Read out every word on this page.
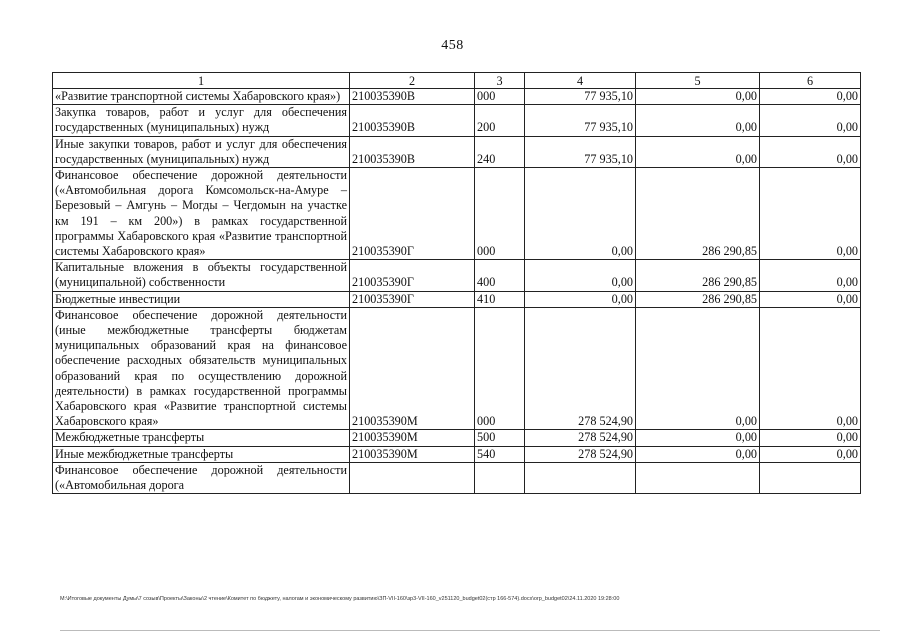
458
1	2	3	4	5	6
«Развитие транспортной системы Хабаровского края»)	210035390В	000	77 935,10	0,00	0,00
Закупка товаров, работ и услуг для обеспечения государственных (муниципальных) нужд	210035390В	200	77 935,10	0,00	0,00
Иные закупки товаров, работ и услуг для обеспечения государственных (муниципальных) нужд	210035390В	240	77 935,10	0,00	0,00
Финансовое обеспечение дорожной деятельности («Автомобильная дорога Комсомольск-на-Амуре – Березовый – Амгунь – Могды – Чегдомын на участке км 191 – км 200») в рамках государственной программы Хабаровского края «Развитие транспортной системы Хабаровского края»	210035390Г	000	0,00	286 290,85	0,00
Капитальные вложения в объекты государственной (муниципальной) собственности	210035390Г	400	0,00	286 290,85	0,00
Бюджетные инвестиции	210035390Г	410	0,00	286 290,85	0,00
Финансовое обеспечение дорожной деятельности (иные межбюджетные трансферты бюджетам муниципальных образований края на финансовое обеспечение расходных обязательств муниципальных образований края по осуществлению дорожной деятельности) в рамках государственной программы Хабаровского края «Развитие транспортной системы Хабаровского края»	210035390М	000	278 524,90	0,00	0,00
Межбюджетные трансферты	210035390М	500	278 524,90	0,00	0,00
Иные межбюджетные трансферты	210035390М	540	278 524,90	0,00	0,00
Финансовое обеспечение дорожной деятельности («Автомобильная дорога					
M:\Итоговые документы Думы\7 созыв\Проекты\Законы\2 чтение\Комитет по бюджету, налогам и экономическому развитию\ЗП-VII-160\зр3-VII-160_v251120_budget02(стр 166-574).docx\orp_budget02\24.11.2020 19:28:00
